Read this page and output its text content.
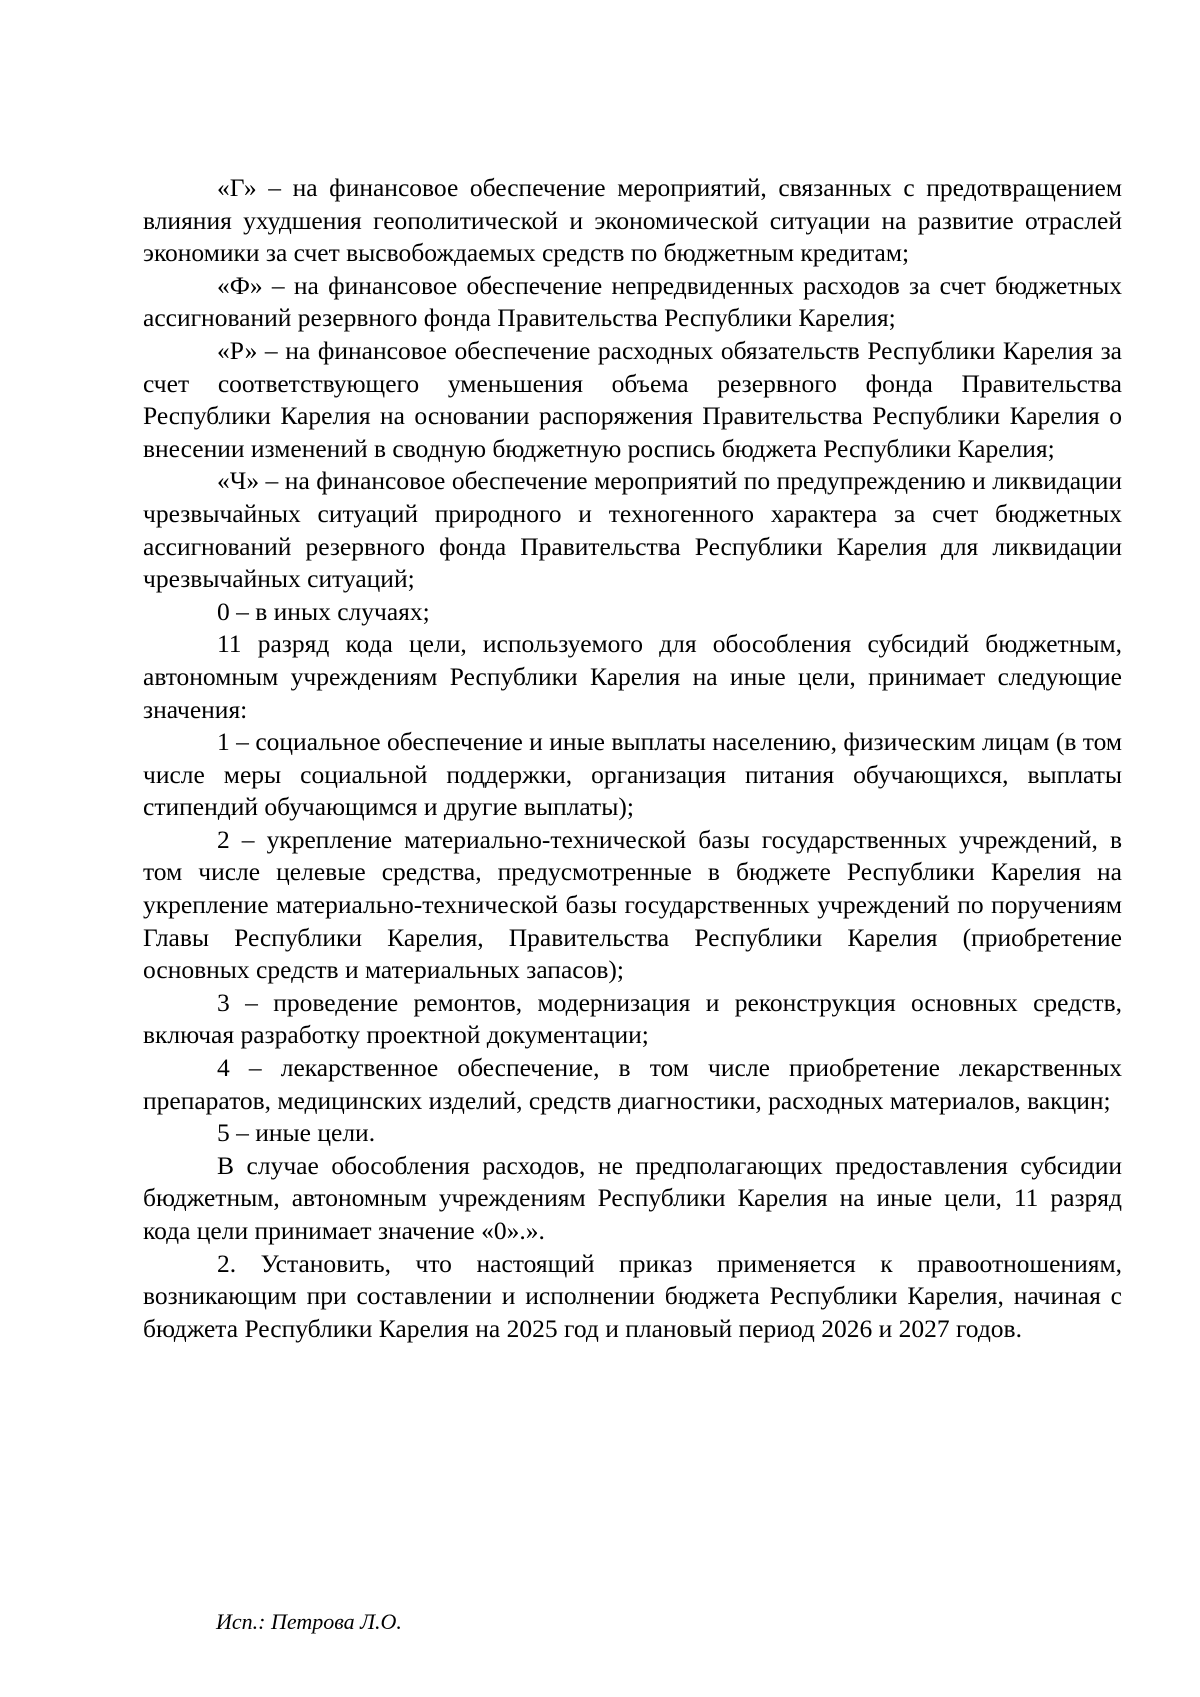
«Г» – на финансовое обеспечение мероприятий, связанных с предотвращением влияния ухудшения геополитической и экономической ситуации на развитие отраслей экономики за счет высвобождаемых средств по бюджетным кредитам;

«Ф» – на финансовое обеспечение непредвиденных расходов за счет бюджетных ассигнований резервного фонда Правительства Республики Карелия;

«Р» – на финансовое обеспечение расходных обязательств Республики Карелия за счет соответствующего уменьшения объема резервного фонда Правительства Республики Карелия на основании распоряжения Правительства Республики Карелия о внесении изменений в сводную бюджетную роспись бюджета Республики Карелия;

«Ч» – на финансовое обеспечение мероприятий по предупреждению и ликвидации чрезвычайных ситуаций природного и техногенного характера за счет бюджетных ассигнований резервного фонда Правительства Республики Карелия для ликвидации чрезвычайных ситуаций;

0 – в иных случаях;

11 разряд кода цели, используемого для обособления субсидий бюджетным, автономным учреждениям Республики Карелия на иные цели, принимает следующие значения:

1 – социальное обеспечение и иные выплаты населению, физическим лицам (в том числе меры социальной поддержки, организация питания обучающихся, выплаты стипендий обучающимся и другие выплаты);

2 – укрепление материально-технической базы государственных учреждений, в том числе целевые средства, предусмотренные в бюджете Республики Карелия на укрепление материально-технической базы государственных учреждений по поручениям Главы Республики Карелия, Правительства Республики Карелия (приобретение основных средств и материальных запасов);

3 – проведение ремонтов, модернизация и реконструкция основных средств, включая разработку проектной документации;

4 – лекарственное обеспечение, в том числе приобретение лекарственных препаратов, медицинских изделий, средств диагностики, расходных материалов, вакцин;

5 – иные цели.

В случае обособления расходов, не предполагающих предоставления субсидии бюджетным, автономным учреждениям Республики Карелия на иные цели, 11 разряд кода цели принимает значение «0».».

2. Установить, что настоящий приказ применяется к правоотношениям, возникающим при составлении и исполнении бюджета Республики Карелия, начиная с бюджета Республики Карелия на 2025 год и плановый период 2026 и 2027 годов.

Исп.: Петрова Л.О.
